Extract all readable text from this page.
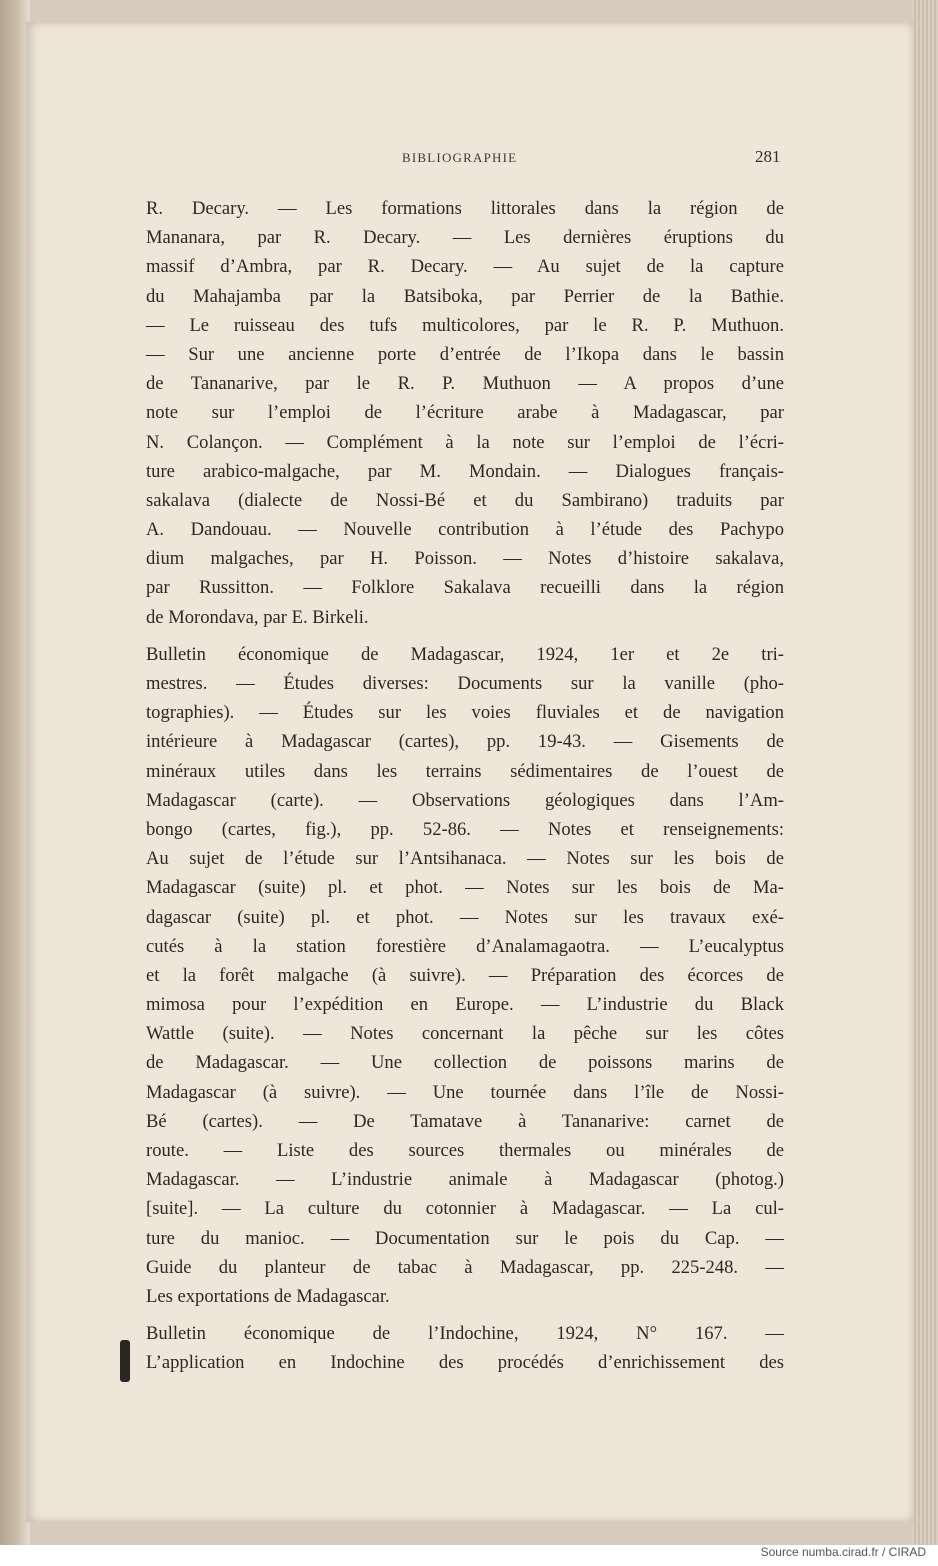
BIBLIOGRAPHIE	281
R. Decary. — Les formations littorales dans la région de
Mananara, par R. Decary. — Les dernières éruptions du
massif d’Ambra, par R. Decary. — Au sujet de la capture
du Mahajamba par la Batsiboka, par Perrier de la Bathie.
— Le ruisseau des tufs multicolores, par le R. P. Muthuon.
— Sur une ancienne porte d’entrée de l’Ikopa dans le bassin
de Tananarive, par le R. P. Muthuon — A propos d’une
note sur l’emploi de l’écriture arabe à Madagascar, par
N. Colançon. — Complément à la note sur l’emploi de l’écri-
ture arabico-malgache, par M. Mondain. — Dialogues français-
sakalava (dialecte de Nossi-Bé et du Sambirano) traduits par
A. Dandouau. — Nouvelle contribution à l’étude des Pachypo
dium malgaches, par H. Poisson. — Notes d’histoire sakalava,
par Russitton. — Folklore Sakalava recueilli dans la région
de Morondava, par E. Birkeli.
Bulletin économique de Madagascar, 1924, 1er et 2e tri-
mestres. — Études diverses: Documents sur la vanille (pho-
tographies). — Études sur les voies fluviales et de navigation
intérieure à Madagascar (cartes), pp. 19-43. — Gisements de
minéraux utiles dans les terrains sédimentaires de l’ouest de
Madagascar (carte). — Observations géologiques dans l’Am-
bongo (cartes, fig.), pp. 52-86. — Notes et renseignements:
Au sujet de l’étude sur l’Antsihanaca. — Notes sur les bois de
Madagascar (suite) pl. et phot. — Notes sur les bois de Ma-
dagascar (suite) pl. et phot. — Notes sur les travaux exé-
cutés à la station forestière d’Analamagaotra. — L’eucalyptus
et la forêt malgache (à suivre). — Préparation des écorces de
mimosa pour l’expédition en Europe. — L’industrie du Black
Wattle (suite). — Notes concernant la pêche sur les côtes
de Madagascar. — Une collection de poissons marins de
Madagascar (à suivre). — Une tournée dans l’île de Nossi-
Bé (cartes). — De Tamatave à Tananarive: carnet de
route. — Liste des sources thermales ou minérales de
Madagascar. — L’industrie animale à Madagascar (photog.)
[suite]. — La culture du cotonnier à Madagascar. — La cul-
ture du manioc. — Documentation sur le pois du Cap. —
Guide du planteur de tabac à Madagascar, pp. 225-248. —
Les exportations de Madagascar.
Bulletin économique de l’Indochine, 1924, N° 167. —
L’application en Indochine des procédés d’enrichissement des
Source numba.cirad.fr / CIRAD
